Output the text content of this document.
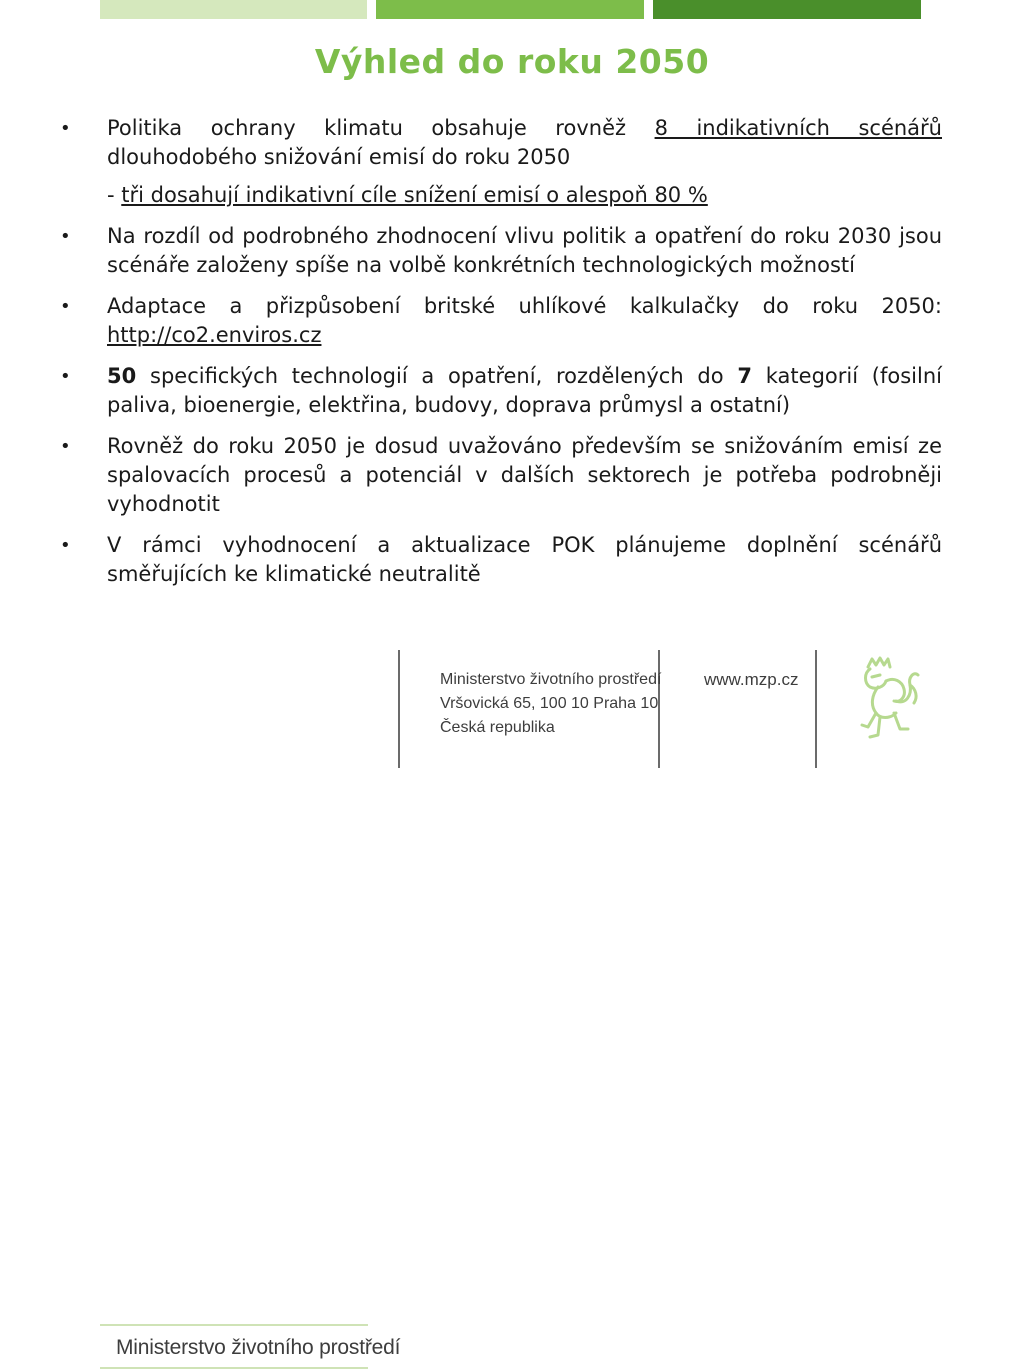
Výhled do roku 2050
•	Politika ochrany klimatu obsahuje rovněž 8 indikativních scénářů dlouhodobého snižování emisí do roku 2050
- tři dosahují indikativní cíle snížení emisí o alespoň 80 %
•	Na rozdíl od podrobného zhodnocení vlivu politik a opatření do roku 2030 jsou scénáře založeny spíše na volbě konkrétních technologických možností
•	Adaptace a přizpůsobení britské uhlíkové kalkulačky do roku 2050: http://co2.enviros.cz
•	50 specifických technologií a opatření, rozdělených do 7 kategorií (fosilní paliva, bioenergie, elektřina, budovy, doprava průmysl a ostatní)
•	Rovněž do roku 2050 je dosud uvažováno především se snižováním emisí ze spalovacích procesů a potenciál v dalších sektorech je potřeba podrobněji vyhodnotit
•	V rámci vyhodnocení a aktualizace POK plánujeme doplnění scénářů směřujících ke klimatické neutralitě
Ministerstvo životního prostředí
Ministerstvo životního prostředí
Vršovická 65, 100 10 Praha 10
Česká republika
www.mzp.cz
